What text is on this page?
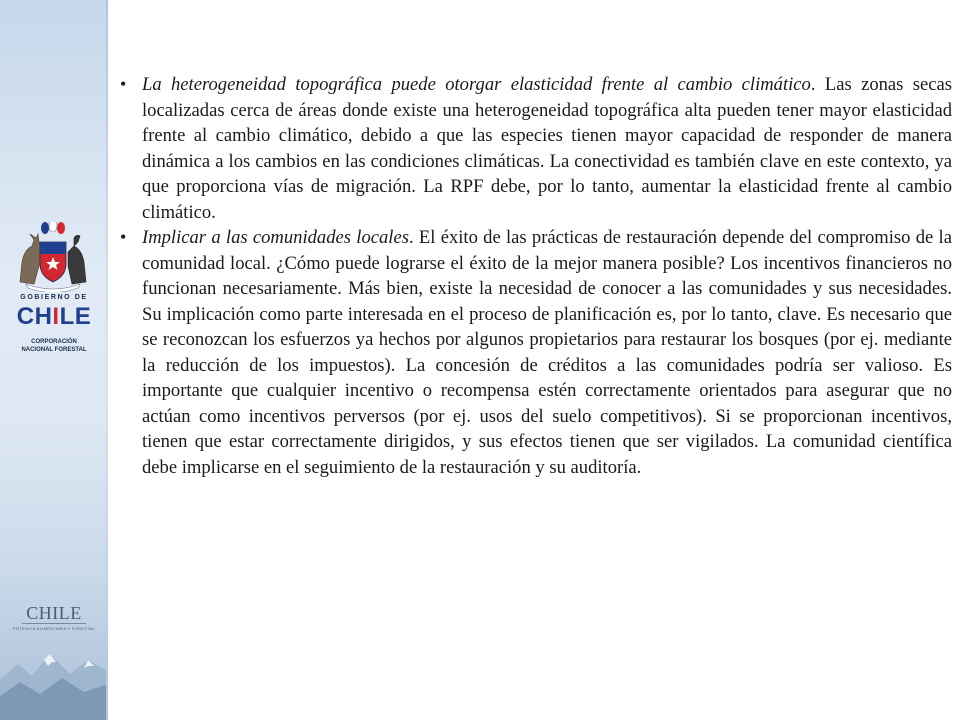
GOBIERNO DE
CHILE
CORPORACIÓN
NACIONAL FORESTAL
CHILE
POTENCIA ALIMENTARIA Y FORESTAL
• La heterogeneidad topográfica puede otorgar elasticidad frente al cambio climático. Las zonas secas localizadas cerca de áreas donde existe una heterogeneidad topográfica alta pueden tener mayor elasticidad frente al cambio climático, debido a que las especies tienen mayor capacidad de responder de manera dinámica a los cambios en las condiciones climáticas. La conectividad es también clave en este contexto, ya que proporciona vías de migración. La RPF debe, por lo tanto, aumentar la elasticidad frente al cambio climático.
• Implicar a las comunidades locales. El éxito de las prácticas de restauración depende del compromiso de la comunidad local. ¿Cómo puede lograrse el éxito de la mejor manera posible? Los incentivos financieros no funcionan necesariamente. Más bien, existe la necesidad de conocer a las comunidades y sus necesidades. Su implicación como parte interesada en el proceso de planificación es, por lo tanto, clave. Es necesario que se reconozcan los esfuerzos ya hechos por algunos propietarios para restaurar los bosques (por ej. mediante la reducción de los impuestos). La concesión de créditos a las comunidades podría ser valioso. Es importante que cualquier incentivo o recompensa estén correctamente orientados para asegurar que no actúan como incentivos perversos (por ej. usos del suelo competitivos). Si se proporcionan incentivos, tienen que estar correctamente dirigidos, y sus efectos tienen que ser vigilados. La comunidad científica debe implicarse en el seguimiento de la restauración y su auditoría.
